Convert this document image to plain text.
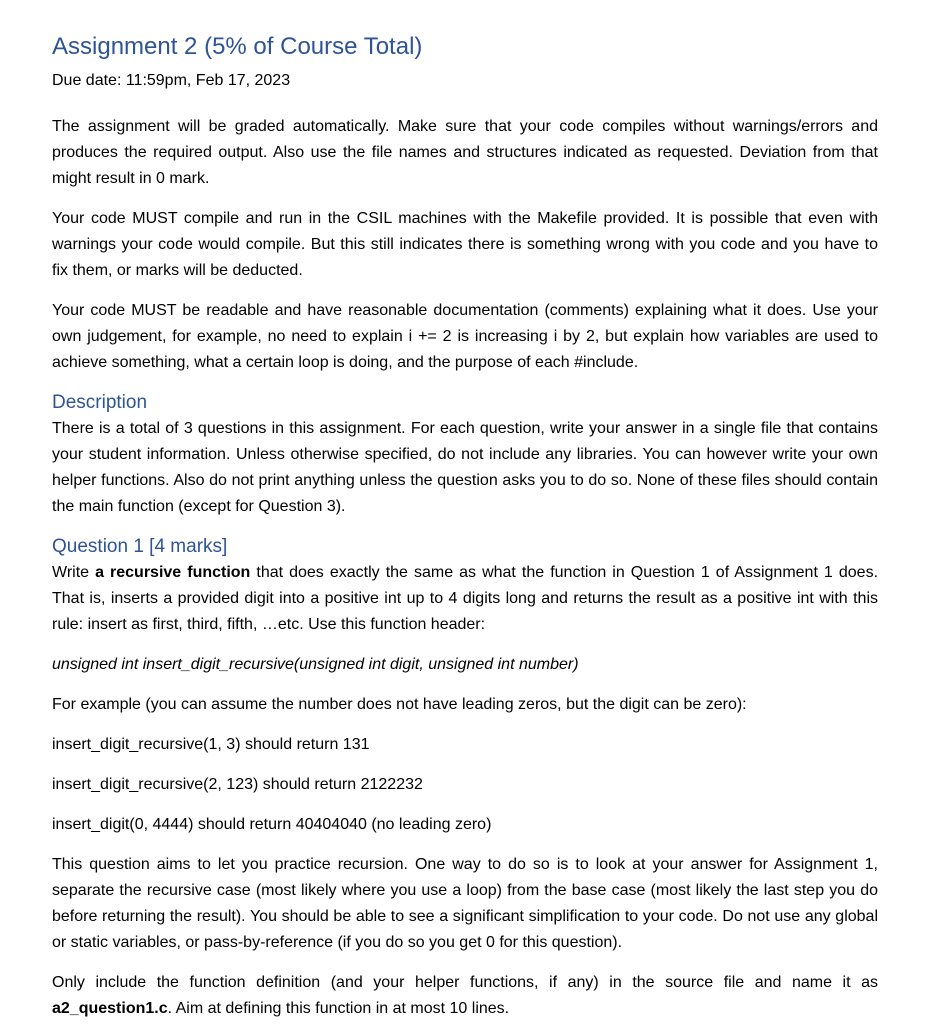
Assignment 2 (5% of Course Total)
Due date: 11:59pm, Feb 17, 2023

The assignment will be graded automatically. Make sure that your code compiles without warnings/errors and produces the required output. Also use the file names and structures indicated as requested. Deviation from that might result in 0 mark.

Your code MUST compile and run in the CSIL machines with the Makefile provided. It is possible that even with warnings your code would compile. But this still indicates there is something wrong with you code and you have to fix them, or marks will be deducted.

Your code MUST be readable and have reasonable documentation (comments) explaining what it does. Use your own judgement, for example, no need to explain i += 2 is increasing i by 2, but explain how variables are used to achieve something, what a certain loop is doing, and the purpose of each #include.

Description

There is a total of 3 questions in this assignment. For each question, write your answer in a single file that contains your student information. Unless otherwise specified, do not include any libraries. You can however write your own helper functions. Also do not print anything unless the question asks you to do so. None of these files should contain the main function (except for Question 3).

Question 1 [4 marks]

Write a recursive function that does exactly the same as what the function in Question 1 of Assignment 1 does. That is, inserts a provided digit into a positive int up to 4 digits long and returns the result as a positive int with this rule: insert as first, third, fifth, …etc. Use this function header:

unsigned int insert_digit_recursive(unsigned int digit, unsigned int number)

For example (you can assume the number does not have leading zeros, but the digit can be zero):

insert_digit_recursive(1, 3) should return 131

insert_digit_recursive(2, 123) should return 2122232

insert_digit(0, 4444) should return 40404040 (no leading zero)

This question aims to let you practice recursion. One way to do so is to look at your answer for Assignment 1, separate the recursive case (most likely where you use a loop) from the base case (most likely the last step you do before returning the result). You should be able to see a significant simplification to your code. Do not use any global or static variables, or pass-by-reference (if you do so you get 0 for this question).

Only include the function definition (and your helper functions, if any) in the source file and name it as a2_question1.c. Aim at defining this function in at most 10 lines.
